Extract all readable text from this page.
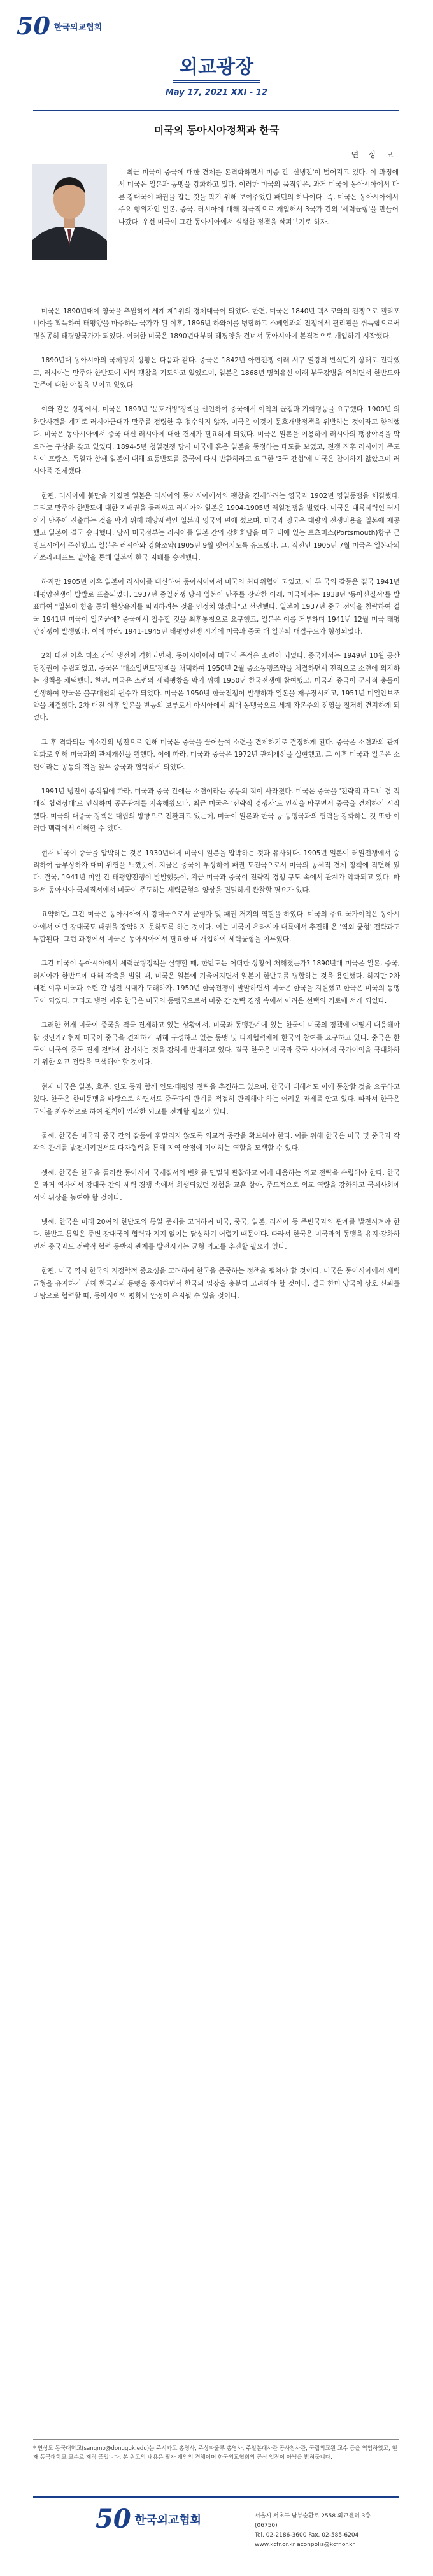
50 한국외교협회
외교광장
May 17, 2021 XXI - 12
미국의 동아시아정책과 한국
연 상 모

최근 미국이 중국에 대한 견제를 본격화하면서 미중 간 '신냉전'이 벌어지고 있다. 이 과정에서 미국은 일본과 동맹을 강화하고 있다. 이러한 미국의 움직임은, 과거 미국이 동아시아에서 다른 강대국이 패권을 잡는 것을 막기 위해 보여주었던 패턴의 하나이다. 즉, 미국은 동아시아에서 주요 행위자인 일본, 중국, 러시아에 대해 적극적으로 개입해서 3국가 간의 '세력균형'을 만들어 나갔다. 우선 미국이 그간 동아시아에서 실행한 정책을 살펴보기로 하자.

미국은 1890년대에 영국을 추월하여 세계 제1위의 경제대국이 되었다. 한편, 미국은 1840년 멕시코와의 전쟁으로 캘리포니아를 획득하여 태평양을 마주하는 국가가 된 이후, 1896년 하와이를 병합하고 스페인과의 전쟁에서 필리핀을 취득함으로써 명실공히 태평양국가가 되었다. 이러한 미국은 1890년대부터 태평양을 건너서 동아시아에 본격적으로 개입하기 시작했다.

1890년대 동아시아의 국제정치 상황은 다음과 같다. 중국은 1842년 아편전쟁 이래 서구 열강의 반식민지 상태로 전락했고, 러시아는 만주와 한반도에 세력 팽창을 기도하고 있었으며, 일본은 1868년 명치유신 이래 부국강병을 외치면서 한반도와 만주에 대한 야심을 보이고 있었다.

이와 같은 상황에서, 미국은 1899년 '문호개방'정책을 선언하여 중국에서 이익의 균점과 기회평등을 요구했다. 1900년 의화단사건을 계기로 러시아군대가 만주를 점령한 후 철수하지 않자, 미국은 이것이 문호개방정책을 위반하는 것이라고 항의했다. 미국은 동아시아에서 중국 대신 러시아에 대한 견제가 필요하게 되었다. 미국은 일본을 이용하여 러시아의 팽창야욕을 막으려는 구상을 갖고 있었다. 1894-5년 청일전쟁 당시 미국에 흔은 일본을 동정하는 태도를 보였고, 전쟁 직후 러시아가 주도하여 프랑스, 독일과 함께 일본에 대해 요동반도를 중국에 다시 반환하라고 요구한 '3국 간섭'에 미국은 참여하지 않았으며 러시아를 견제했다.

한편, 러시아에 불만을 가졌던 일본은 러시아의 동아시아에서의 팽창을 견제하려는 영국과 1902년 영일동맹을 체결했다. 그리고 만주와 한반도에 대한 지배권을 둘러싸고 러시아와 일본은 1904-1905년 러일전쟁을 벌였다. 미국은 대륙세력인 러시아가 만주에 진출하는 것을 막기 위해 해양세력인 일본과 영국의 편에 섰으며, 미국과 영국은 대량의 전쟁비용을 일본에 제공했고 일본이 결국 승리했다. 당시 미국정부는 러시아를 일본 간의 강화회담을 미국 내에 있는 포츠머스(Portsmouth)항구 근방도시에서 주선했고, 일본은 러시아와 강화조약(1905년 9월 맺어지도록 유도했다. 그, 직전인 1905년 7월 미국은 일본과의 가쓰라-태프트 밀약을 통해 일본의 한국 지배를 승인했다.

하지만 1905년 이후 일본이 러시아를 대신하여 동아시아에서 미국의 최대위협이 되었고, 이 두 국의 갈등은 결국 1941년 태평양전쟁이 발발로 표출되었다. 1937년 중일전쟁 당시 일본이 만주를 장악한 이래, 미국에서는 1938년 '동아신질서'를 발표하여 "일본이 힘을 통해 현상유지를 파괴하려는 것을 인정치 않겠다"고 선언했다. 일본이 1937년 중국 전역을 침략하여 결국 1941년 미국이 일본군에? 중국에서 철수할 것을 최후통첩으로 요구했고, 일본은 이를 거부하며 1941년 12월 미국 태평양전쟁이 발생했다. 이에 따라, 1941-1945년 태평양전쟁 시기에 미국과 중국 대 일본의 대결구도가 형성되었다.

2차 대전 이후 미소 간의 냉전이 격화되면서, 동아시아에서 미국의 주적은 소련이 되었다. 중국에서는 1949년 10월 공산당정권이 수립되었고, 중국은 '대소일변도'정책을 채택하여 1950년 2월 중소동맹조약을 체결하면서 전적으로 소련에 의지하는 정책을 채택했다. 한편, 미국은 소련의 세력팽창을 막기 위해 1950년 한국전쟁에 참여했고, 미국과 중국이 군사적 충돌이 발생하여 양국은 불구대천의 원수가 되었다. 미국은 1950년 한국전쟁이 발생하자 일본을 재무장시키고, 1951년 미일안보조약을 체결했다. 2차 대전 이후 일본을 반공의 보루로서 아시아에서 최대 동맹국으로 세계 자본주의 진영을 철저히 견지하게 되었다.

그 후 격화되는 미소간의 냉전으로 인해 미국은 중국을 끌어들여 소련을 견제하기로 결정하게 된다. 중국은 소련과의 관계악화로 인해 미국과의 관계개선을 원했다. 이에 따라, 미국과 중국은 1972년 관계개선을 실현했고, 그 이후 미국과 일본은 소련이라는 공동의 적을 앞두 중국과 협력하게 되었다.

1991년 냉전이 종식됨에 따라, 미국과 중국 간에는 소련이라는 공동의 적이 사라졌다. 미국은 중국을 '전략적 파트너 겸 적대적 협력상대'로 인식하며 공존관계를 지속해왔으나, 최근 미국은 '전략적 경쟁자'로 인식을 바꾸면서 중국을 견제하기 시작했다. 미국의 대중국 정책은 대립의 방향으로 전환되고 있는데, 미국이 일본과 한국 등 동맹국과의 협력을 강화하는 것 또한 이러한 맥락에서 이해할 수 있다.

현재 미국이 중국을 압박하는 것은 1930년대에 미국이 일본을 압박하는 것과 유사하다. 1905년 일본이 러일전쟁에서 승리하여 급부상하자 대미 위협을 느꼈듯이, 지금은 중국이 부상하여 패권 도전국으로서 미국의 공세적 견제 정책에 직면해 있다. 결국, 1941년 미일 간 태평양전쟁이 발발했듯이, 지금 미국과 중국이 전략적 경쟁 구도 속에서 관계가 악화되고 있다. 따라서 동아시아 국제질서에서 미국이 주도하는 세력균형의 양상을 면밀하게 관찰할 필요가 있다.

요약하면, 그간 미국은 동아시아에서 강대국으로서 균형자 및 패권 저지의 역할을 하였다. 미국의 주요 국가이익은 동아시아에서 어떤 강대국도 패권을 장악하지 못하도록 하는 것이다. 이는 미국이 유라시아 대륙에서 추진해 온 '역외 균형' 전략과도 부합된다. 그런 과정에서 미국은 동아시아에서 필요한 때 개입하여 세력균형을 이루었다.

그간 미국이 동아시아에서 세력균형정책을 실행할 때, 한반도는 어떠한 상황에 처해졌는가? 1890년대 미국은 일본, 중국, 러시아가 한반도에 대해 각축을 벌일 때, 미국은 일본에 기울어지면서 일본이 한반도를 병합하는 것을 용인했다. 하지만 2차 대전 이후 미국과 소련 간 냉전 시대가 도래하자, 1950년 한국전쟁이 발발하면서 미국은 한국을 지원했고 한국은 미국의 동맹국이 되었다. 그리고 냉전 이후 한국은 미국의 동맹국으로서 미중 간 전략 경쟁 속에서 어려운 선택의 기로에 서게 되었다.

그러한 현재 미국이 중국을 적극 견제하고 있는 상황에서, 미국과 동맹관계에 있는 한국이 미국의 정책에 어떻게 대응해야 할 것인가? 현재 미국이 중국을 견제하기 위해 구성하고 있는 동맹 및 다자협력체에 한국의 참여를 요구하고 있다. 중국은 한국이 미국의 중국 견제 전략에 참여하는 것을 강하게 반대하고 있다. 결국 한국은 미국과 중국 사이에서 국가이익을 극대화하기 위한 외교 전략을 모색해야 할 것이다.

현재 미국은 일본, 호주, 인도 등과 함께 인도·태평양 전략을 추진하고 있으며, 한국에 대해서도 이에 동참할 것을 요구하고 있다. 한국은 한미동맹을 바탕으로 하면서도 중국과의 관계를 적절히 관리해야 하는 어려운 과제를 안고 있다. 따라서 한국은 국익을 최우선으로 하여 원칙에 입각한 외교를 전개할 필요가 있다.

둘째, 한국은 미국과 중국 간의 갈등에 휘말리지 않도록 외교적 공간을 확보해야 한다. 이를 위해 한국은 미국 및 중국과 각각의 관계를 발전시키면서도 다자협력을 통해 지역 안정에 기여하는 역할을 모색할 수 있다.

셋째, 한국은 한국을 둘러싼 동아시아 국제질서의 변화를 면밀히 관찰하고 이에 대응하는 외교 전략을 수립해야 한다. 한국은 과거 역사에서 강대국 간의 세력 경쟁 속에서 희생되었던 경험을 교훈 삼아, 주도적으로 외교 역량을 강화하고 국제사회에서의 위상을 높여야 할 것이다.

넷째, 한국은 미래 20여의 한반도의 통일 문제를 고려하여 미국, 중국, 일본, 러시아 등 주변국과의 관계를 발전시켜야 한다. 한반도 통일은 주변 강대국의 협력과 지지 없이는 달성하기 어렵기 때문이다. 따라서 한국은 미국과의 동맹을 유지·강화하면서 중국과도 전략적 협력 동반자 관계를 발전시키는 균형 외교를 추진할 필요가 있다.

한편, 미국 역시 한국의 지정학적 중요성을 고려하여 한국을 존중하는 정책을 펼쳐야 할 것이다. 미국은 동아시아에서 세력균형을 유지하기 위해 한국과의 동맹을 중시하면서 한국의 입장을 충분히 고려해야 할 것이다. 결국 한미 양국이 상호 신뢰를 바탕으로 협력할 때, 동아시아의 평화와 안정이 유지될 수 있을 것이다.

* 연상모 동국대학교(sangmo@dongguk.edu)는 주시카고 총영사, 주상파울루 총영사, 주일본대사관 공사참사관, 국립외교원 교수 등을 역임하였고, 현재 동국대학교 교수로 재직 중입니다. 본 원고의 내용은 필자 개인의 견해이며 한국외교협회의 공식 입장이 아님을 밝혀둡니다.
50 한국외교협회	서울시 서초구 남부순환로 2558 외교센터 3층 (06750)
Tel. 02-2186-3600 Fax. 02-585-6204
www.kcfr.or.kr aconpolis@kcfr.or.kr
